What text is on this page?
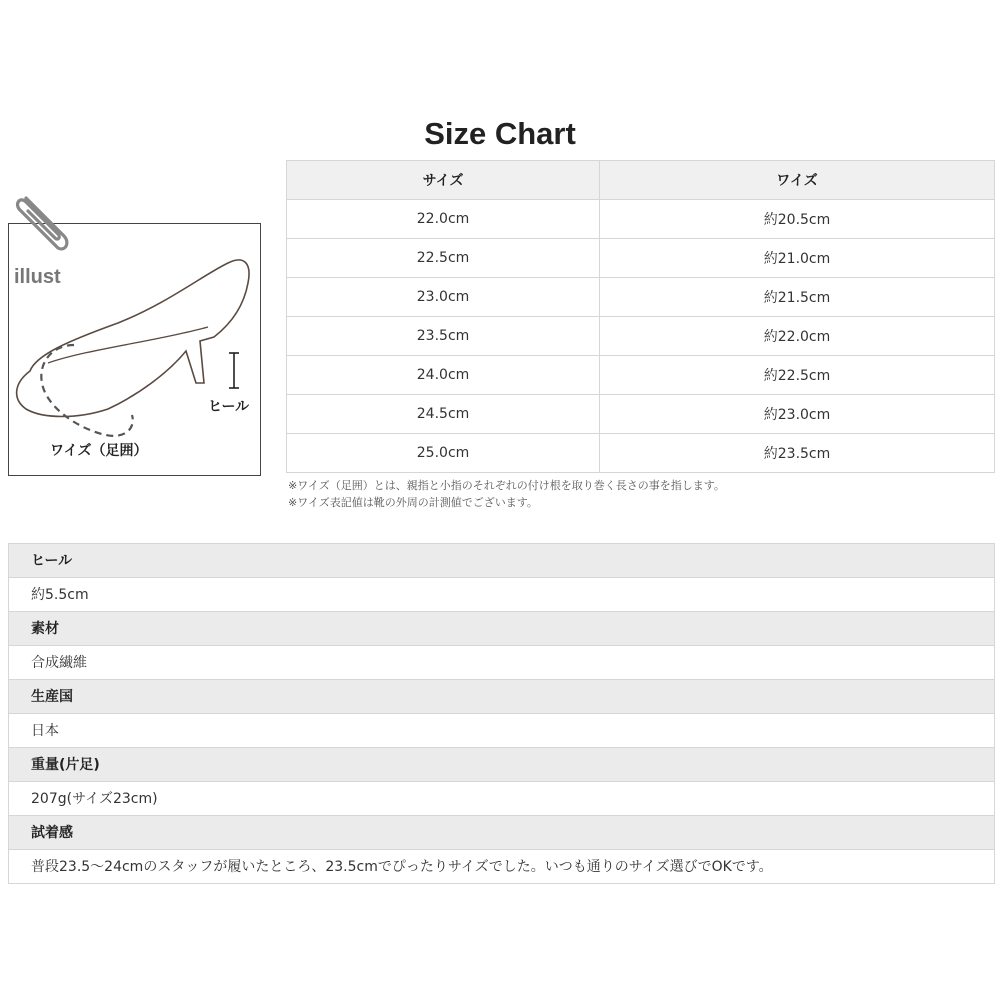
Size Chart
illust
ヒール
ワイズ（足囲）
サイズ	ワイズ
22.0cm	約20.5cm
22.5cm	約21.0cm
23.0cm	約21.5cm
23.5cm	約22.0cm
24.0cm	約22.5cm
24.5cm	約23.0cm
25.0cm	約23.5cm
※ワイズ（足囲）とは、親指と小指のそれぞれの付け根を取り巻く長さの事を指します。
※ワイズ表記値は靴の外周の計測値でございます。
ヒール
約5.5cm
素材
合成繊維
生産国
日本
重量(片足)
207g(サイズ23cm)
試着感
普段23.5～24cmのスタッフが履いたところ、23.5cmでぴったりサイズでした。いつも通りのサイズ選びでOKです。
